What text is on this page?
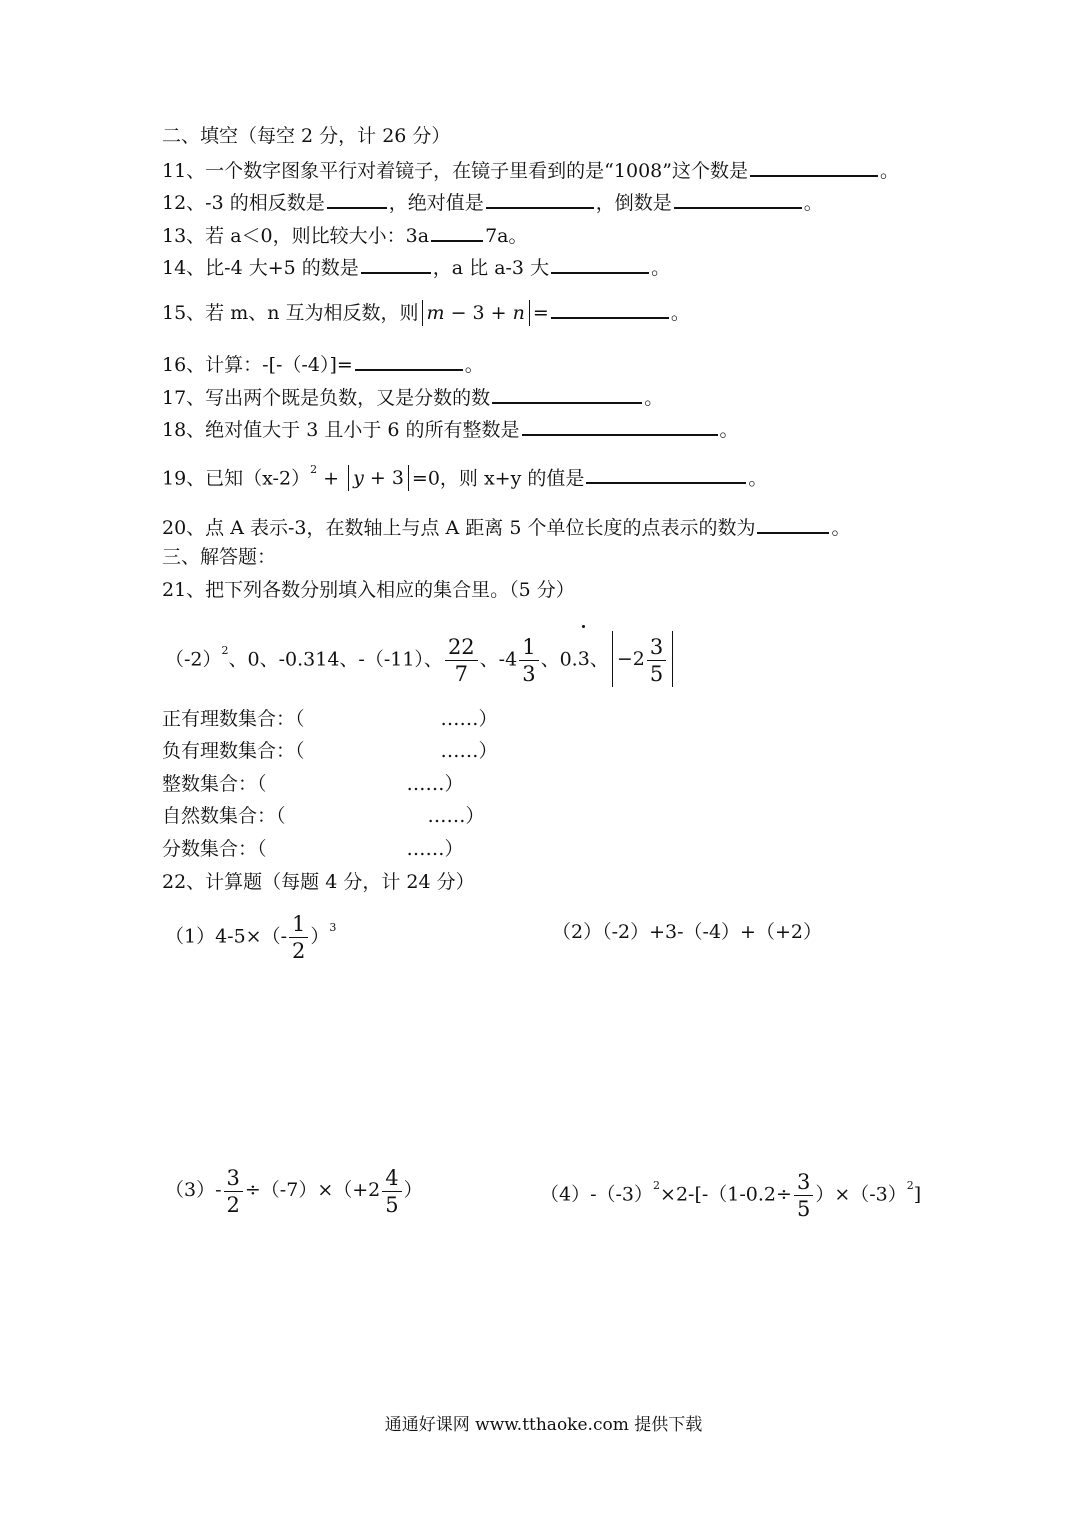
二、填空（每空 2 分，计 26 分）
11、一个数字图象平行对着镜子，在镜子里看到的是“1008”这个数是	。
12、-3 的相反数是	，绝对值是	，倒数是	。
13、若 a＜0，则比较大小：3a	7a。
14、比-4 大+5 的数是	，a 比 a-3 大	。
15、若 m、n 互为相反数，则 m − 3 + n =	。
16、计算：-[-（-4）]=	。
17、写出两个既是负数，又是分数的数	。
18、绝对值大于 3 且小于 6 的所有整数是	。
19、已知$(x-2)^2 + y + 3 =0$，则 x+y 的值是	。
20、点 A 表示-3，在数轴上与点 A 距离 5 个单位长度的点表示的数为	。
三、解答题：
21、把下列各数分别填入相应的集合里。（5 分）
$(-2)^2$、0、-0.314、-（-11）、 $\frac{22}{7}$ 、$-4 \frac{1}{3}$ 、0.3、 $-2 \frac{3}{5}$
正有理数集合：（	……）
负有理数集合：（	……）
整数集合：（	……）
自然数集合：（	……）
分数集合：（	……）
22、计算题（每题 4 分，计 24 分）
$(1)4-5\times(- \frac{1}{2} )^3$	（2）（-2）+3-（-4）+（+2）
$(3)- \frac{3}{2} \div(-7)\times(+2 \frac{4}{5}$ ）	$(4)-(-3)^2\times 2-[-(1-0.2\div \frac{3}{5} )\times(-3)^2]$
通通好课网 www.tthaoke.com 提供下载
